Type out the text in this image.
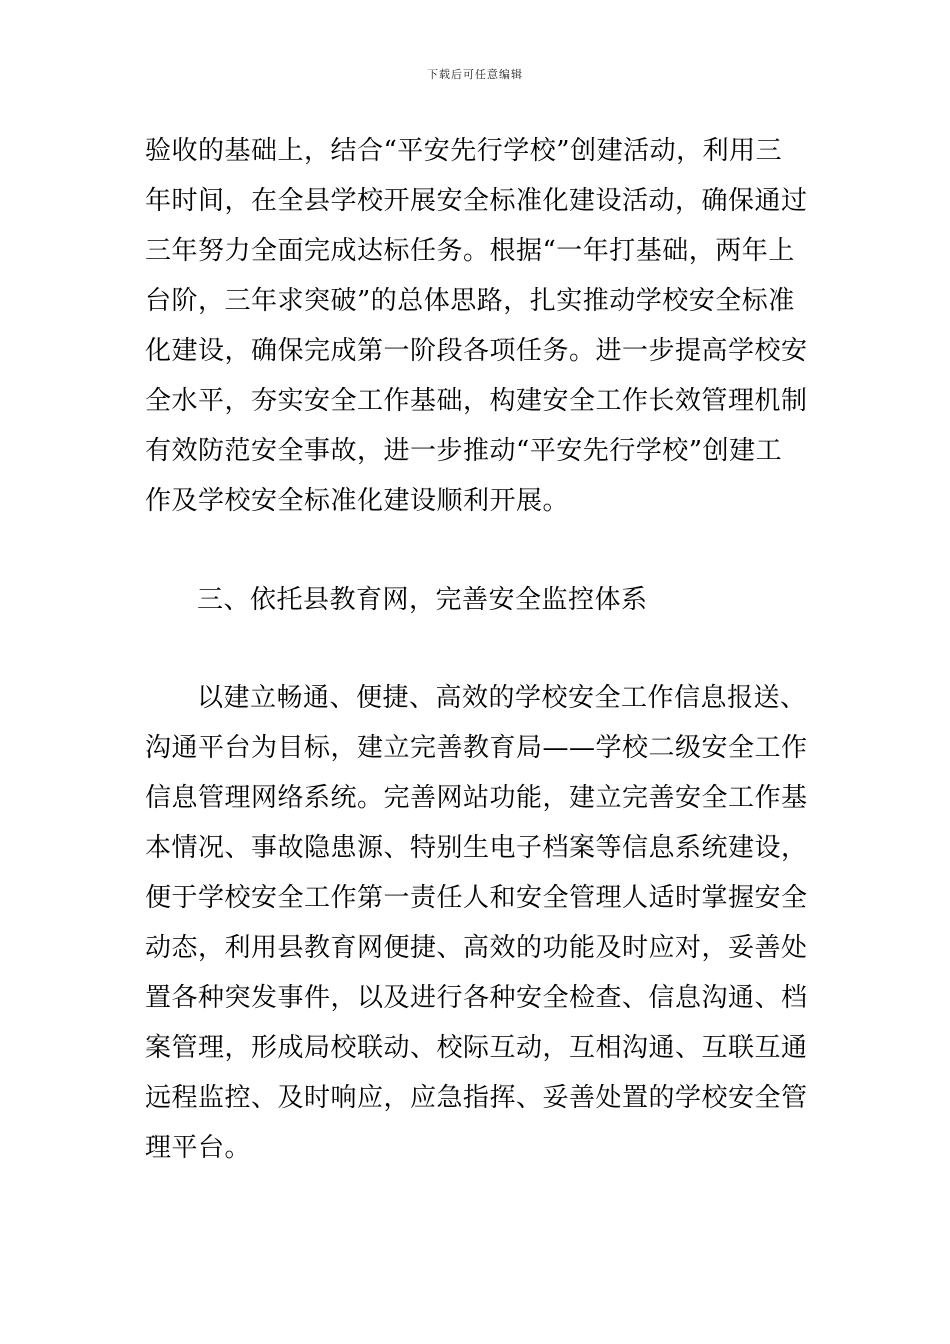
下载后可任意编辑
验收的基础上，结合“平安先行学校”创建活动，利用三
年时间，在全县学校开展安全标准化建设活动，确保通过
三年努力全面完成达标任务。根据“一年打基础，两年上
台阶，三年求突破”的总体思路，扎实推动学校安全标准
化建设，确保完成第一阶段各项任务。进一步提高学校安
全水平，夯实安全工作基础，构建安全工作长效管理机制
有效防范安全事故，进一步推动“平安先行学校”创建工
作及学校安全标准化建设顺利开展。
三、依托县教育网，完善安全监控体系
以建立畅通、便捷、高效的学校安全工作信息报送、
沟通平台为目标，建立完善教育局——学校二级安全工作
信息管理网络系统。完善网站功能，建立完善安全工作基
本情况、事故隐患源、特别生电子档案等信息系统建设，
便于学校安全工作第一责任人和安全管理人适时掌握安全
动态，利用县教育网便捷、高效的功能及时应对，妥善处
置各种突发事件，以及进行各种安全检查、信息沟通、档
案管理，形成局校联动、校际互动，互相沟通、互联互通
远程监控、及时响应，应急指挥、妥善处置的学校安全管
理平台。
